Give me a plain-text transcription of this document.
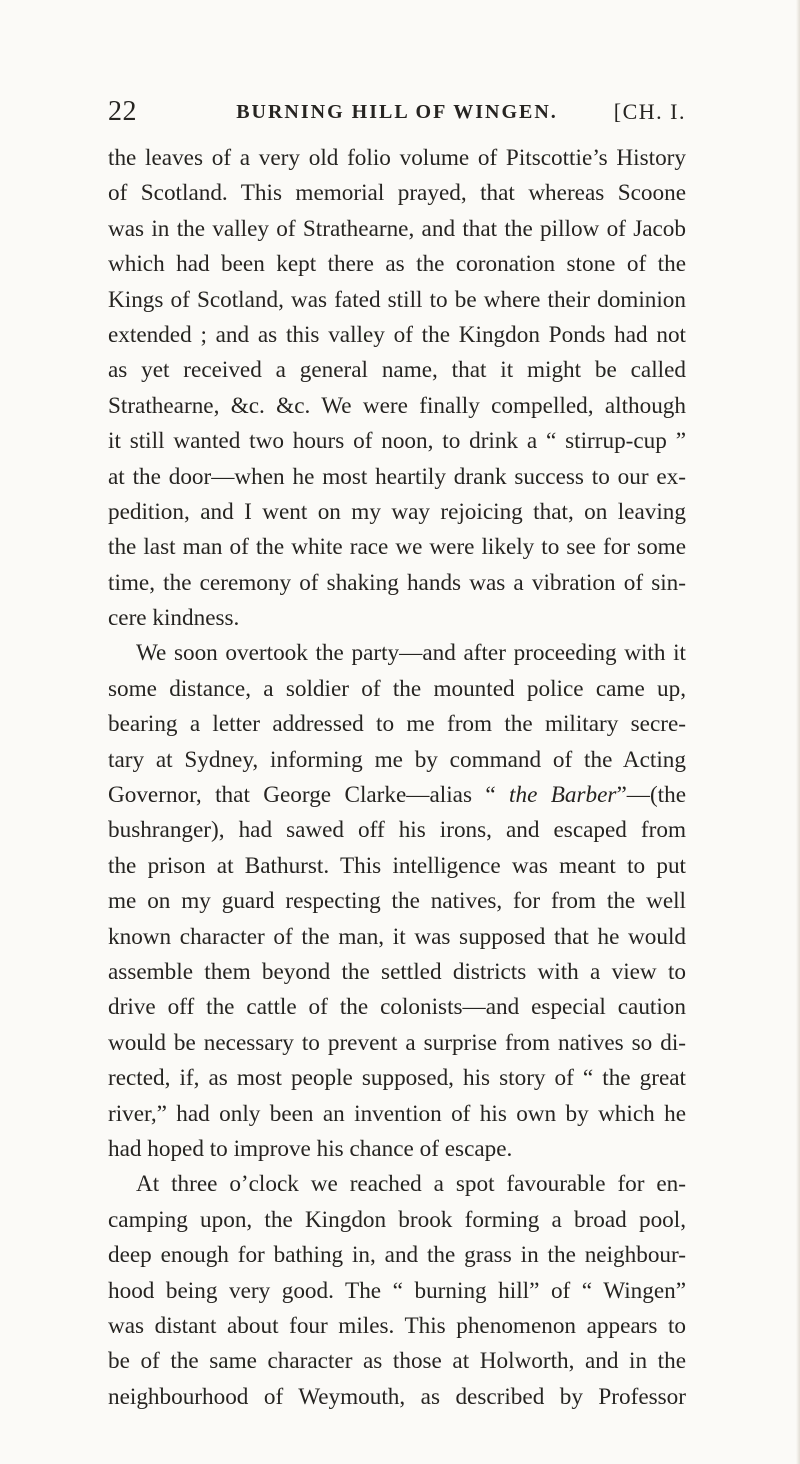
22	BURNING HILL OF WINGEN.	[CH. I.
the leaves of a very old folio volume of Pitscottie’s History
of Scotland. This memorial prayed, that whereas Scoone
was in the valley of Strathearne, and that the pillow of Jacob
which had been kept there as the coronation stone of the
Kings of Scotland, was fated still to be where their dominion
extended ; and as this valley of the Kingdon Ponds had not
as yet received a general name, that it might be called
Strathearne, &c. &c. We were finally compelled, although
it still wanted two hours of noon, to drink a “ stirrup-cup ”
at the door—when he most heartily drank success to our ex-
pedition, and I went on my way rejoicing that, on leaving
the last man of the white race we were likely to see for some
time, the ceremony of shaking hands was a vibration of sin-
cere kindness.
We soon overtook the party—and after proceeding with it
some distance, a soldier of the mounted police came up,
bearing a letter addressed to me from the military secre-
tary at Sydney, informing me by command of the Acting
Governor, that George Clarke—alias “ the Barber”—(the
bushranger), had sawed off his irons, and escaped from
the prison at Bathurst. This intelligence was meant to put
me on my guard respecting the natives, for from the well
known character of the man, it was supposed that he would
assemble them beyond the settled districts with a view to
drive off the cattle of the colonists—and especial caution
would be necessary to prevent a surprise from natives so di-
rected, if, as most people supposed, his story of “ the great
river,” had only been an invention of his own by which he
had hoped to improve his chance of escape.
At three o’clock we reached a spot favourable for en-
camping upon, the Kingdon brook forming a broad pool,
deep enough for bathing in, and the grass in the neighbour-
hood being very good. The “ burning hill” of “ Wingen”
was distant about four miles. This phenomenon appears to
be of the same character as those at Holworth, and in the
neighbourhood of Weymouth, as described by Professor
